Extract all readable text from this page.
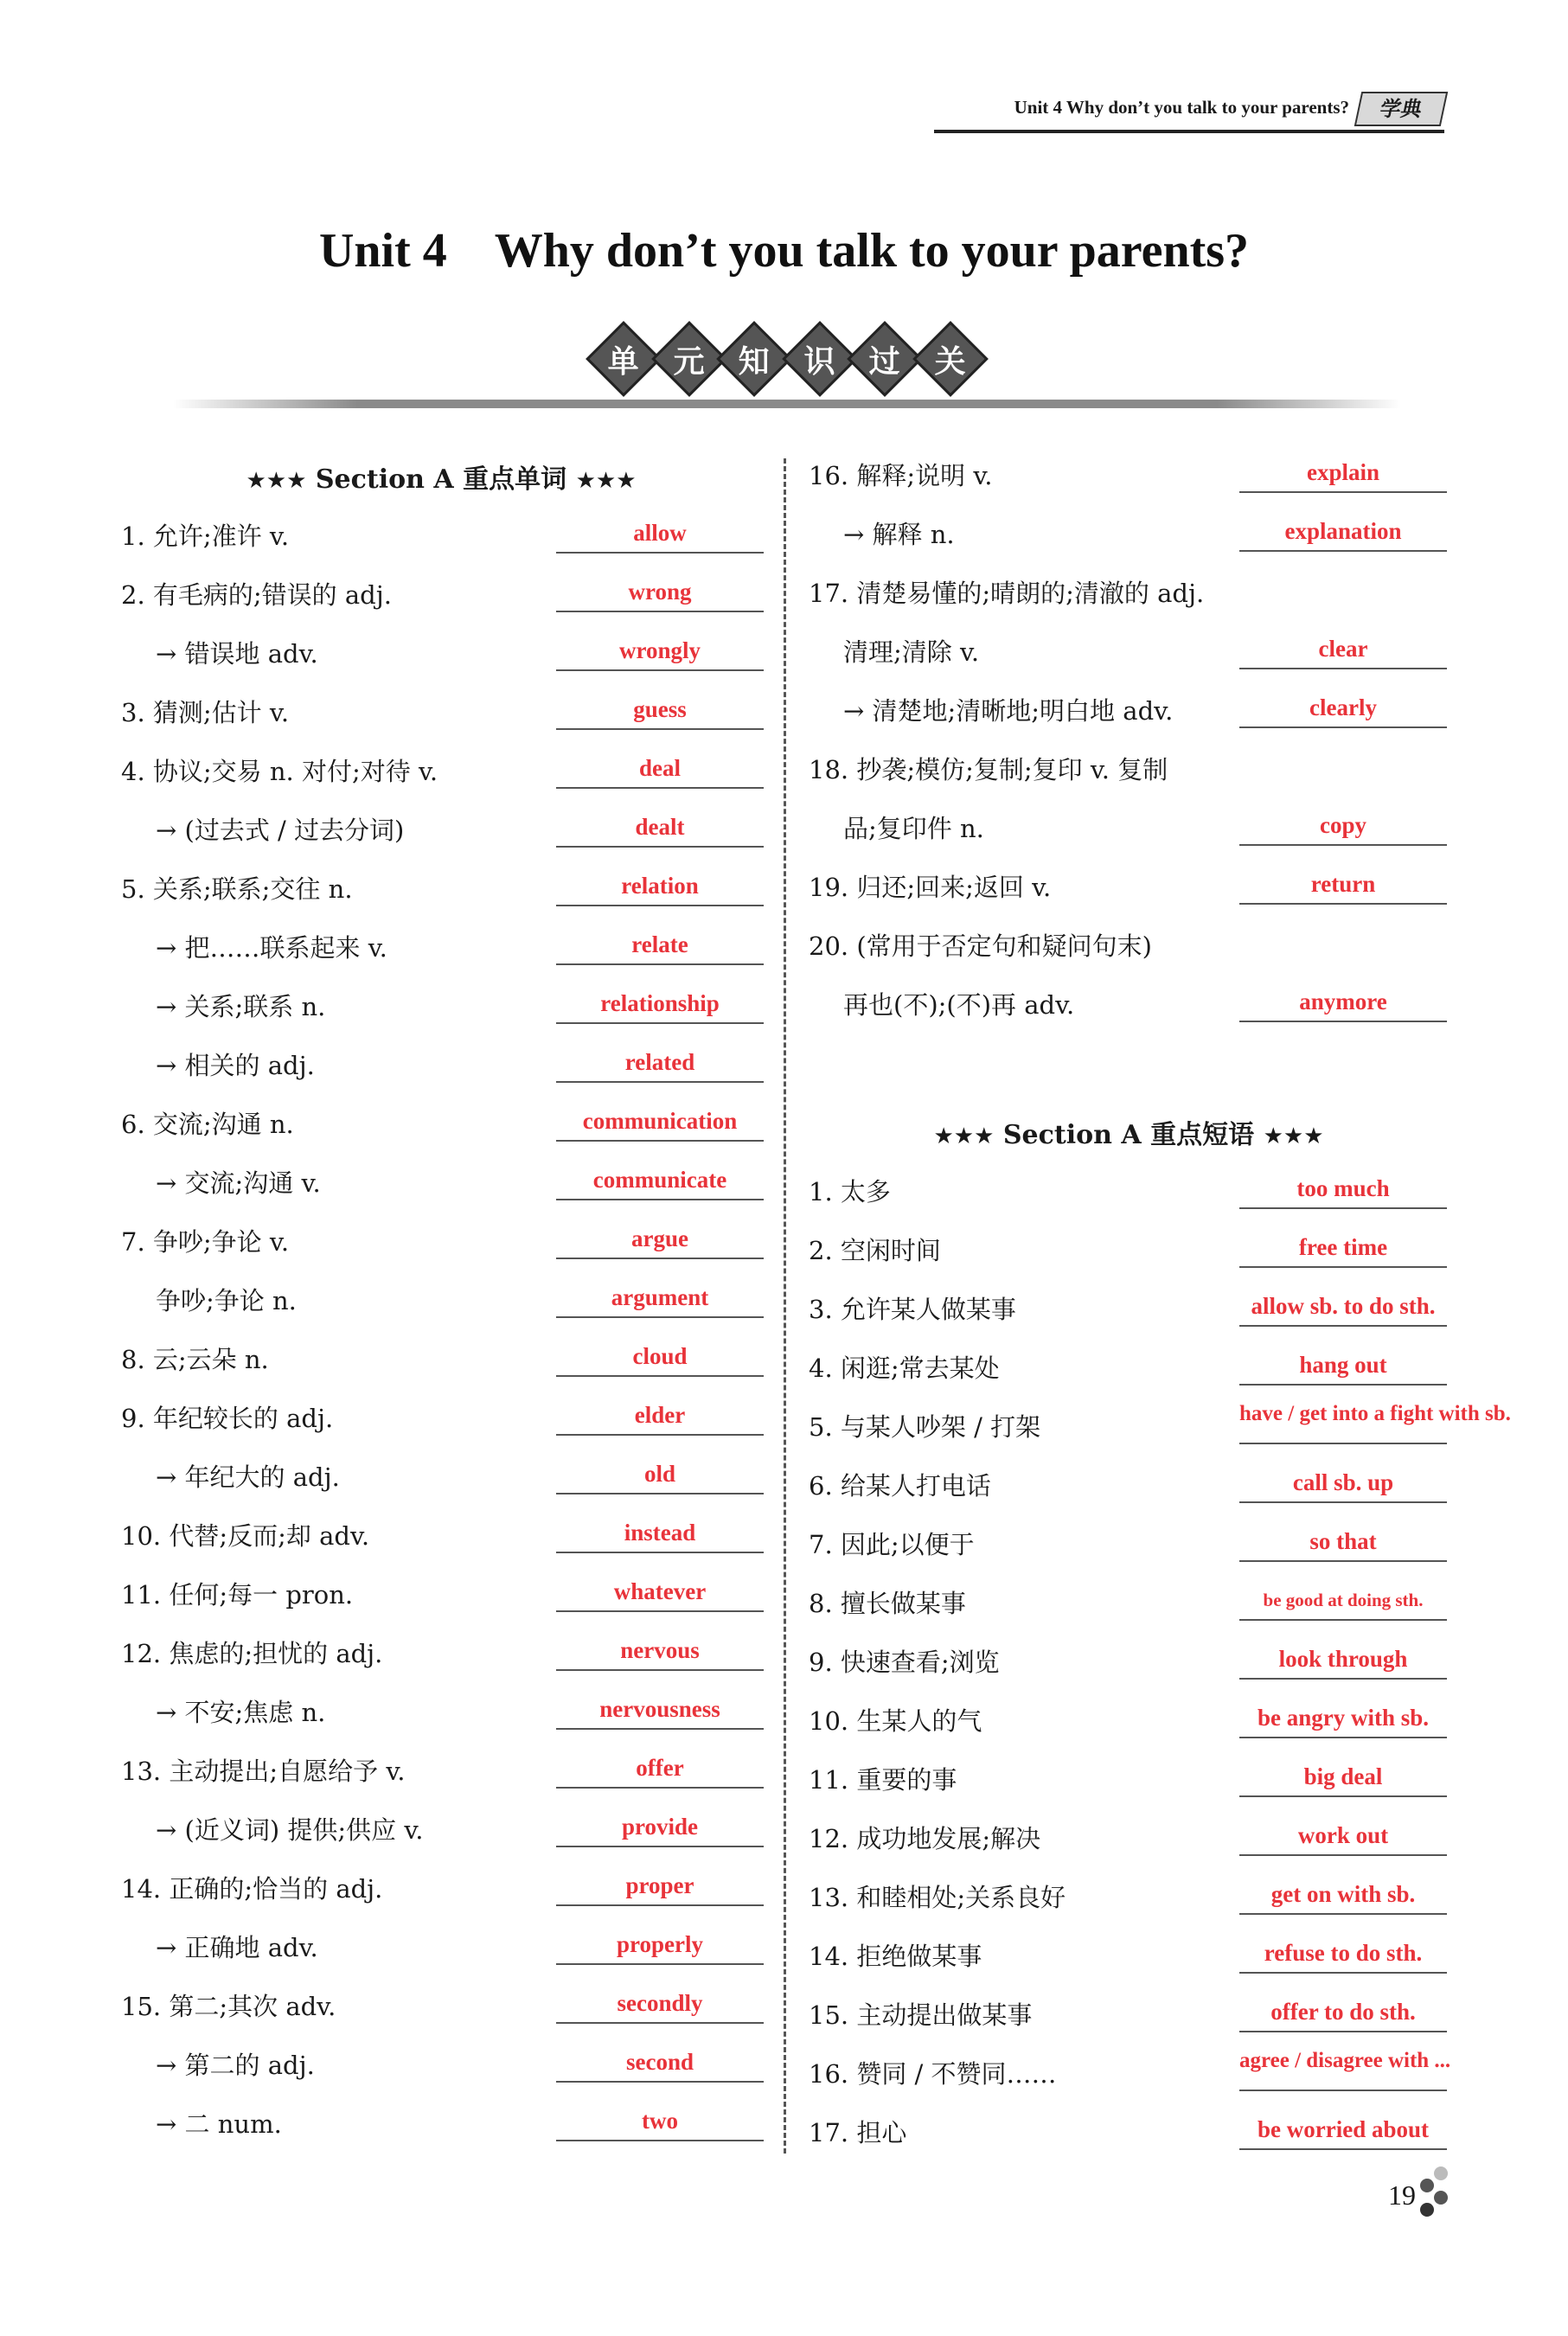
Unit 4 Why don’t you talk to your parents?	学典
Unit 4    Why don’t you talk to your parents?
单 元 知 识 过 关
★★★ Section A 重点单词 ★★★
1. 允许;准许 v.	allow
2. 有毛病的;错误的 adj.	wrong
→ 错误地 adv.	wrongly
3. 猜测;估计 v.	guess
4. 协议;交易 n. 对付;对待 v.	deal
→ (过去式 / 过去分词)	dealt
5. 关系;联系;交往 n.	relation
→ 把……联系起来 v.	relate
→ 关系;联系 n.	relationship
→ 相关的 adj.	related
6. 交流;沟通 n.	communication
→ 交流;沟通 v.	communicate
7. 争吵;争论 v.	argue
争吵;争论 n.	argument
8. 云;云朵 n.	cloud
9. 年纪较长的 adj.	elder
→ 年纪大的 adj.	old
10. 代替;反而;却 adv.	instead
11. 任何;每一 pron.	whatever
12. 焦虑的;担忧的 adj.	nervous
→ 不安;焦虑 n.	nervousness
13. 主动提出;自愿给予 v.	offer
→ (近义词) 提供;供应 v.	provide
14. 正确的;恰当的 adj.	proper
→ 正确地 adv.	properly
15. 第二;其次 adv.	secondly
→ 第二的 adj.	second
→ 二 num.	two
16. 解释;说明 v.	explain
→ 解释 n.	explanation
17. 清楚易懂的;晴朗的;清澈的 adj.
清理;清除 v.	clear
→ 清楚地;清晰地;明白地 adv.	clearly
18. 抄袭;模仿;复制;复印 v. 复制
品;复印件 n.	copy
19. 归还;回来;返回 v.	return
20. (常用于否定句和疑问句末)
再也(不);(不)再 adv.	anymore
★★★ Section A 重点短语 ★★★
1. 太多	too much
2. 空闲时间	free time
3. 允许某人做某事	allow sb. to do sth.
4. 闲逛;常去某处	hang out
5. 与某人吵架 / 打架	have / get into a fight with sb.
6. 给某人打电话	call sb. up
7. 因此;以便于	so that
8. 擅长做某事	be good at doing sth.
9. 快速查看;浏览	look through
10. 生某人的气	be angry with sb.
11. 重要的事	big deal
12. 成功地发展;解决	work out
13. 和睦相处;关系良好	get on with sb.
14. 拒绝做某事	refuse to do sth.
15. 主动提出做某事	offer to do sth.
16. 赞同 / 不赞同……	agree / disagree with ...
17. 担心	be worried about
19
